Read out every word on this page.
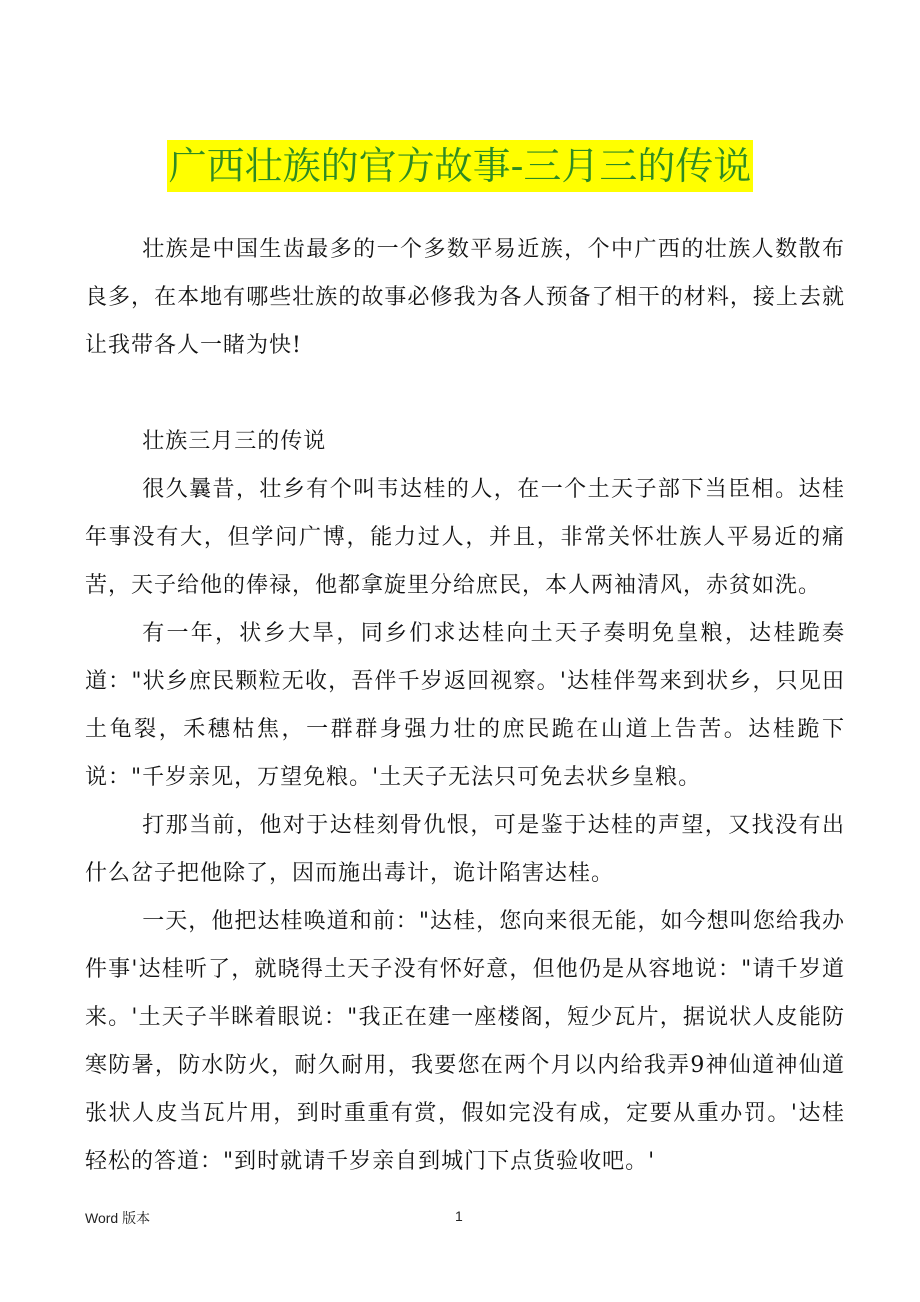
广西壮族的官方故事-三月三的传说

壮族是中国生齿最多的一个多数平易近族，个中广西的壮族人数散布良多，在本地有哪些壮族的故事必修我为各人预备了相干的材料，接上去就让我带各人一睹为快!

壮族三月三的传说

很久曩昔，壮乡有个叫韦达桂的人，在一个土天子部下当臣相。达桂年事没有大，但学问广博，能力过人，并且，非常关怀壮族人平易近的痛苦，天子给他的俸禄，他都拿旋里分给庶民，本人两袖清风，赤贫如洗。

有一年，状乡大旱，同乡们求达桂向土天子奏明免皇粮，达桂跪奏道："状乡庶民颗粒无收，吾伴千岁返回视察。'达桂伴驾来到状乡，只见田土龟裂，禾穗枯焦，一群群身强力壮的庶民跪在山道上告苦。达桂跪下说："千岁亲见，万望免粮。'土天子无法只可免去状乡皇粮。

打那当前，他对于达桂刻骨仇恨，可是鉴于达桂的声望，又找没有出什么岔子把他除了，因而施出毒计，诡计陷害达桂。

一天，他把达桂唤道和前："达桂，您向来很无能，如今想叫您给我办件事'达桂听了，就晓得土天子没有怀好意，但他仍是从容地说："请千岁道来。'土天子半眯着眼说："我正在建一座楼阁，短少瓦片，据说状人皮能防寒防暑，防水防火，耐久耐用，我要您在两个月以内给我弄9神仙道神仙道张状人皮当瓦片用，到时重重有赏，假如完没有成，定要从重办罚。'达桂轻松的答道："到时就请千岁亲自到城门下点货验收吧。'

Word 版本	1
